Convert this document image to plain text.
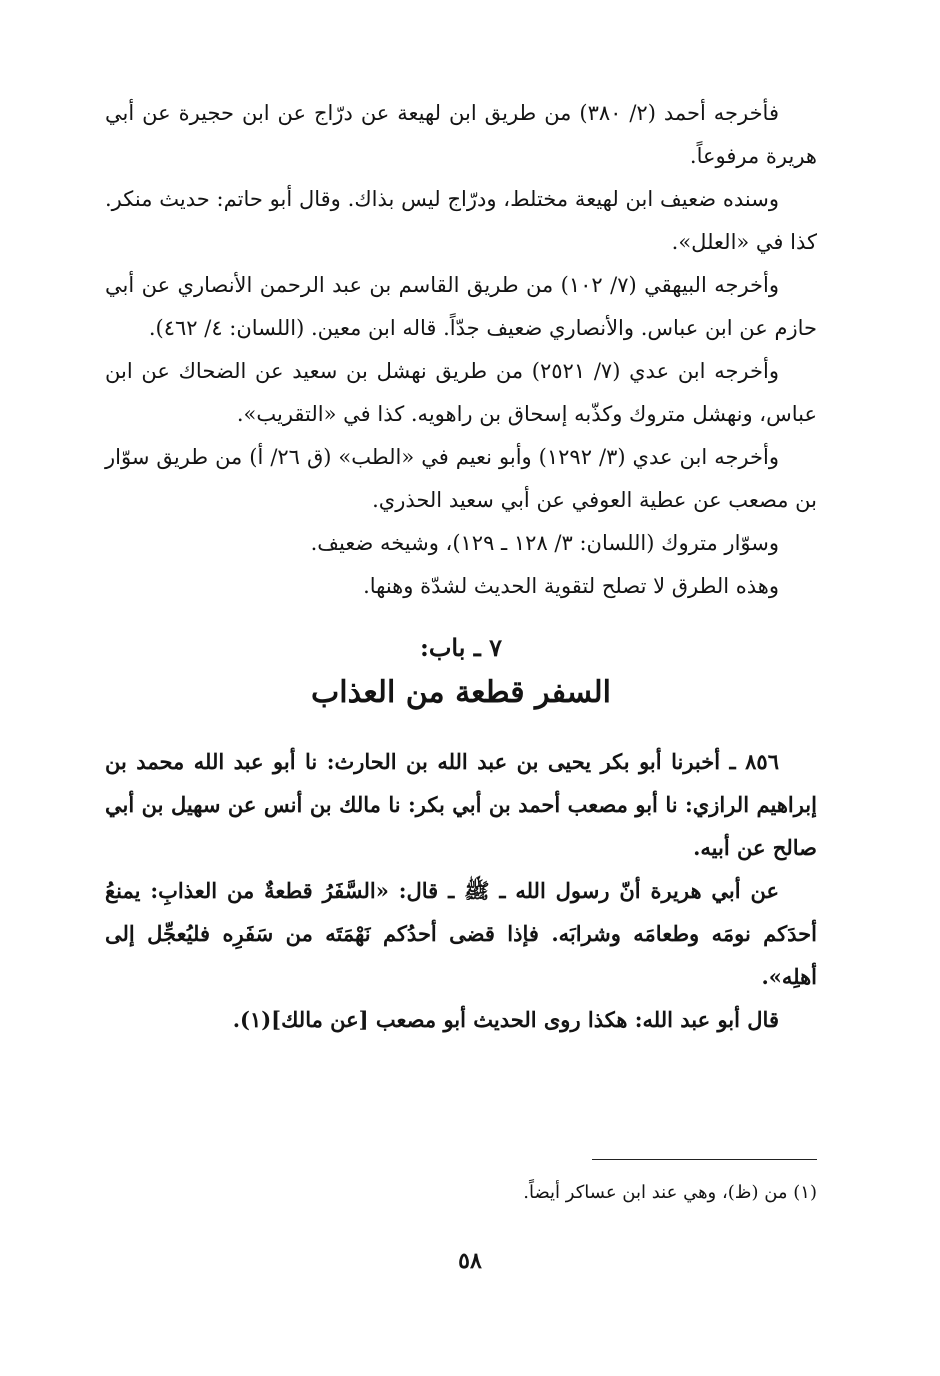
فأخرجه أحمد (٢/ ٣٨٠) من طريق ابن لهيعة عن درّاج عن ابن حجيرة عن أبي هريرة مرفوعاً.

وسنده ضعيف ابن لهيعة مختلط، ودرّاج ليس بذاك. وقال أبو حاتم: حديث منكر. كذا في «العلل».

وأخرجه البيهقي (٧/ ١٠٢) من طريق القاسم بن عبد الرحمن الأنصاري عن أبي حازم عن ابن عباس. والأنصاري ضعيف جدّاً. قاله ابن معين. (اللسان: ٤/ ٤٦٢).

وأخرجه ابن عدي (٧/ ٢٥٢١) من طريق نهشل بن سعيد عن الضحاك عن ابن عباس، ونهشل متروك وكذّبه إسحاق بن راهويه. كذا في «التقريب».

وأخرجه ابن عدي (٣/ ١٢٩٢) وأبو نعيم في «الطب» (ق ٢٦/ أ) من طريق سوّار بن مصعب عن عطية العوفي عن أبي سعيد الحذري.

وسوّار متروك (اللسان: ٣/ ١٢٨ ـ ١٢٩)، وشيخه ضعيف.

وهذه الطرق لا تصلح لتقوية الحديث لشدّة وهنها.

٧ ـ باب:
السفر قطعة من العذاب

٨٥٦ ـ أخبرنا أبو بكر يحيى بن عبد الله بن الحارث: نا أبو عبد الله محمد بن إبراهيم الرازي: نا أبو مصعب أحمد بن أبي بكر: نا مالك بن أنس عن سهيل بن أبي صالح عن أبيه.

عن أبي هريرة أنّ رسول الله ـ ﷺ ـ قال: «السَّفَرُ قطعةٌ من العذابِ: يمنعُ أحدَكم نومَه وطعامَه وشرابَه. فإذا قضى أحدُكم نَهْمَتَه من سَفَرِه فليُعجِّل إلى أهلِه».

قال أبو عبد الله: هكذا روى الحديث أبو مصعب [عن مالك](١).

(١) من (ظ)، وهي عند ابن عساكر أيضاً.

٥٨
